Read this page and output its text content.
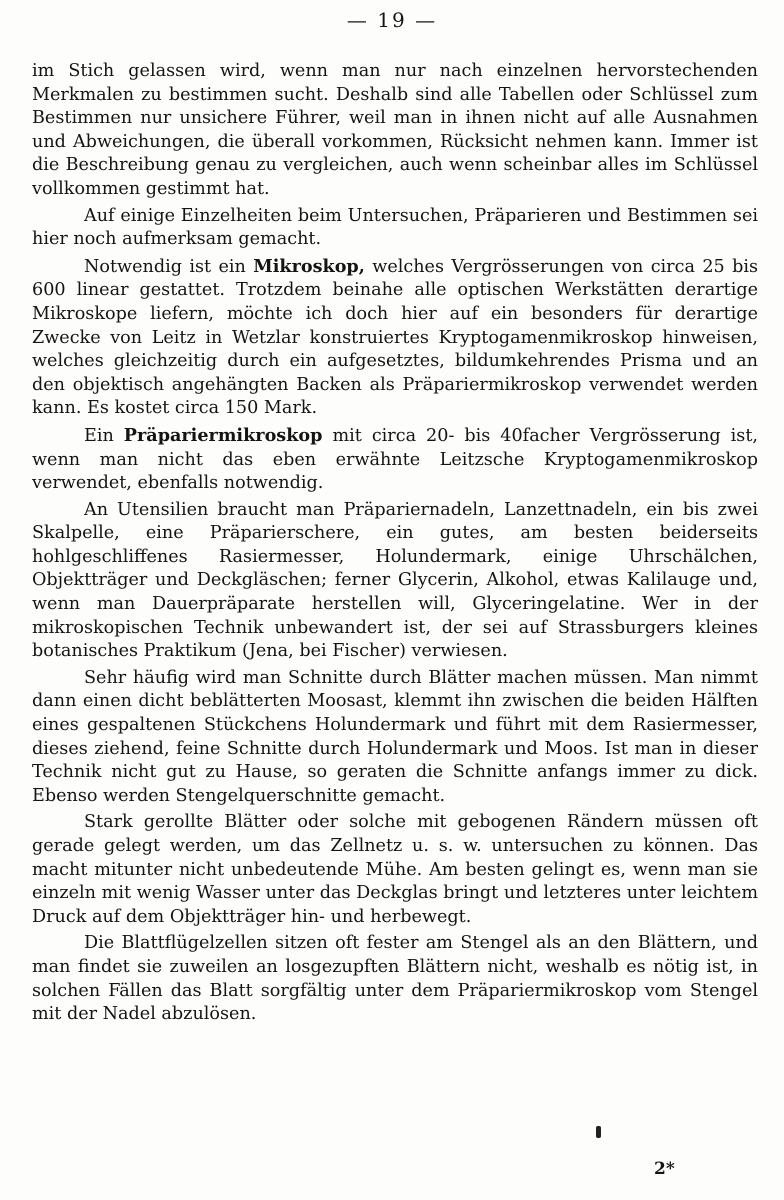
— 19 —

im Stich gelassen wird, wenn man nur nach einzelnen hervorstechenden Merkmalen zu bestimmen sucht. Deshalb sind alle Tabellen oder Schlüssel zum Bestimmen nur unsichere Führer, weil man in ihnen nicht auf alle Ausnahmen und Abweichungen, die überall vorkommen, Rücksicht nehmen kann. Immer ist die Beschreibung genau zu vergleichen, auch wenn scheinbar alles im Schlüssel vollkommen gestimmt hat.

Auf einige Einzelheiten beim Untersuchen, Präparieren und Bestimmen sei hier noch aufmerksam gemacht.

Notwendig ist ein Mikroskop, welches Vergrösserungen von circa 25 bis 600 linear gestattet. Trotzdem beinahe alle optischen Werkstätten derartige Mikroskope liefern, möchte ich doch hier auf ein besonders für derartige Zwecke von Leitz in Wetzlar konstruiertes Kryptogamenmikroskop hinweisen, welches gleichzeitig durch ein aufgesetztes, bildumkehrendes Prisma und an den objektisch angehängten Backen als Präpariermikroskop verwendet werden kann. Es kostet circa 150 Mark.

Ein Präpariermikroskop mit circa 20- bis 40facher Vergrösserung ist, wenn man nicht das eben erwähnte Leitzsche Kryptogamenmikroskop verwendet, ebenfalls notwendig.

An Utensilien braucht man Präpariernadeln, Lanzettnadeln, ein bis zwei Skalpelle, eine Präparierschere, ein gutes, am besten beiderseits hohlgeschliffenes Rasiermesser, Holundermark, einige Uhrschälchen, Objektträger und Deckgläschen; ferner Glycerin, Alkohol, etwas Kalilauge und, wenn man Dauerpräparate herstellen will, Glyceringelatine. Wer in der mikroskopischen Technik unbewandert ist, der sei auf Strassburgers kleines botanisches Praktikum (Jena, bei Fischer) verwiesen.

Sehr häufig wird man Schnitte durch Blätter machen müssen. Man nimmt dann einen dicht beblätterten Moosast, klemmt ihn zwischen die beiden Hälften eines gespaltenen Stückchens Holundermark und führt mit dem Rasiermesser, dieses ziehend, feine Schnitte durch Holundermark und Moos. Ist man in dieser Technik nicht gut zu Hause, so geraten die Schnitte anfangs immer zu dick. Ebenso werden Stengelquerschnitte gemacht.

Stark gerollte Blätter oder solche mit gebogenen Rändern müssen oft gerade gelegt werden, um das Zellnetz u. s. w. untersuchen zu können. Das macht mitunter nicht unbedeutende Mühe. Am besten gelingt es, wenn man sie einzeln mit wenig Wasser unter das Deckglas bringt und letzteres unter leichtem Druck auf dem Objektträger hin- und herbewegt.

Die Blattflügelzellen sitzen oft fester am Stengel als an den Blättern, und man findet sie zuweilen an losgezupften Blättern nicht, weshalb es nötig ist, in solchen Fällen das Blatt sorgfältig unter dem Präpariermikroskop vom Stengel mit der Nadel abzulösen.

2*
